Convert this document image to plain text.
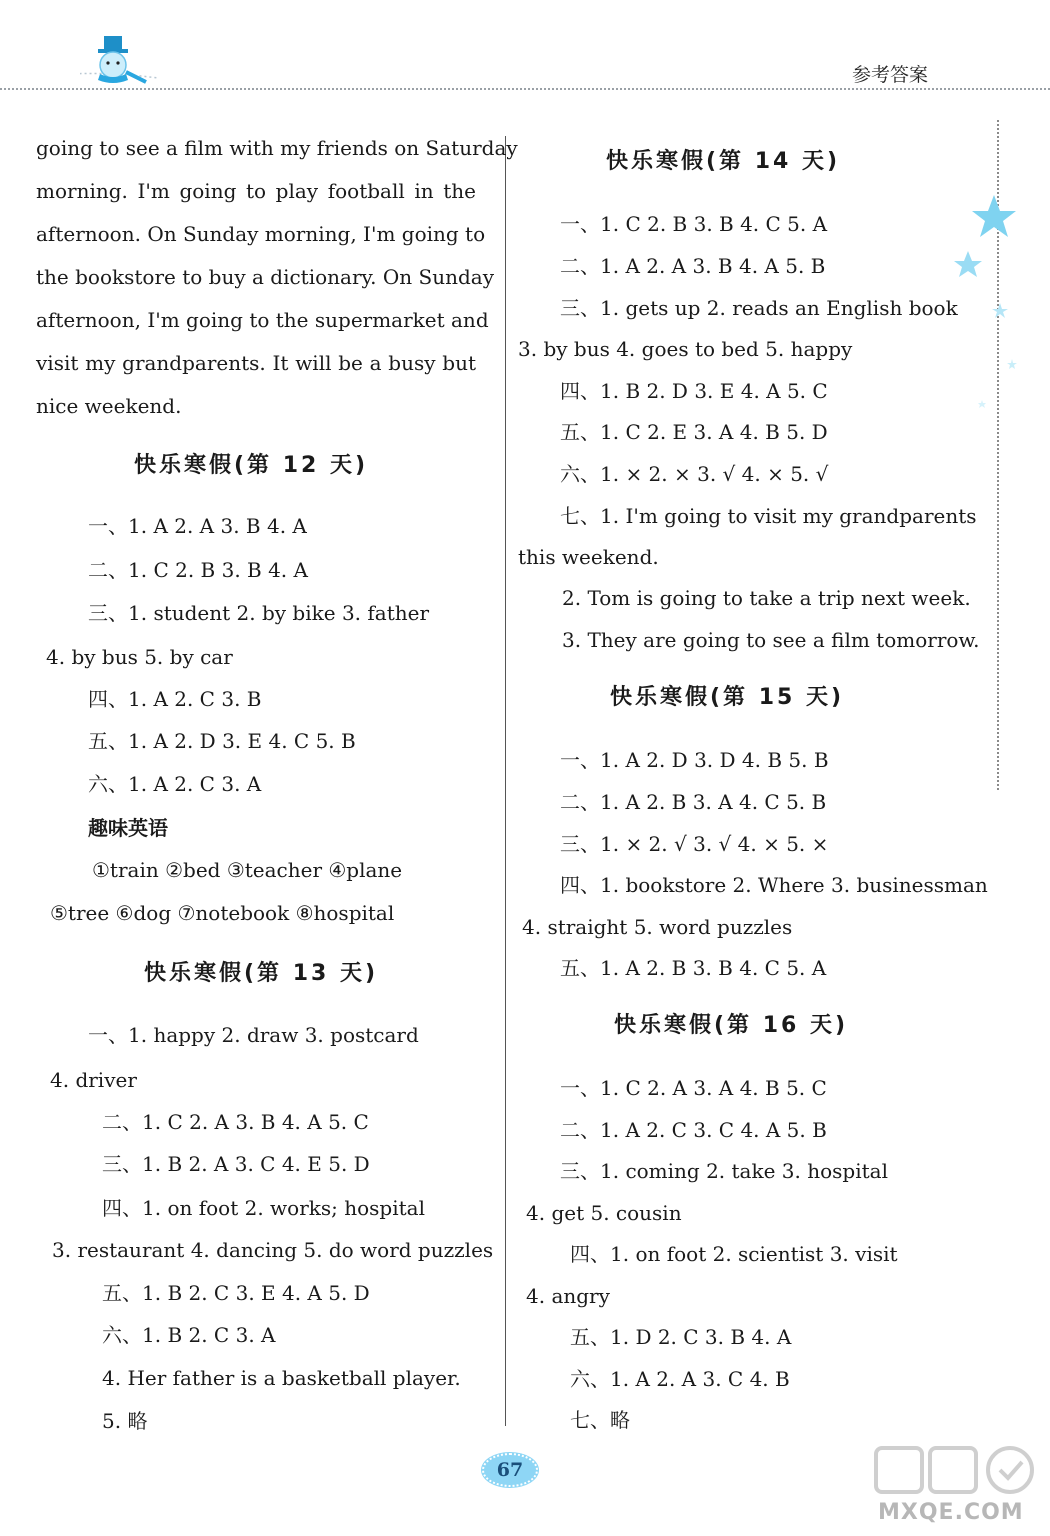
参考答案
going to see a film with my friends on Saturday
morning. I'm going to play football in the
afternoon. On Sunday morning, I'm going to
the bookstore to buy a dictionary. On Sunday
afternoon, I'm going to the supermarket and
visit my grandparents. It will be a busy but
nice weekend.
快乐寒假(第 12 天)
一、1. A 2. A 3. B 4. A
二、1. C 2. B 3. B 4. A
三、1. student 2. by bike 3. father
4. by bus 5. by car
四、1. A 2. C 3. B
五、1. A 2. D 3. E 4. C 5. B
六、1. A 2. C 3. A
趣味英语
①train ②bed ③teacher ④plane
⑤tree ⑥dog ⑦notebook ⑧hospital
快乐寒假(第 13 天)
一、1. happy 2. draw 3. postcard
4. driver
二、1. C 2. A 3. B 4. A 5. C
三、1. B 2. A 3. C 4. E 5. D
四、1. on foot 2. works; hospital
3. restaurant 4. dancing 5. do word puzzles
五、1. B 2. C 3. E 4. A 5. D
六、1. B 2. C 3. A
4. Her father is a basketball player.
5. 略
快乐寒假(第 14 天)
一、1. C 2. B 3. B 4. C 5. A
二、1. A 2. A 3. B 4. A 5. B
三、1. gets up 2. reads an English book
3. by bus 4. goes to bed 5. happy
四、1. B 2. D 3. E 4. A 5. C
五、1. C 2. E 3. A 4. B 5. D
六、1. × 2. × 3. √ 4. × 5. √
七、1. I'm going to visit my grandparents
this weekend.
2. Tom is going to take a trip next week.
3. They are going to see a film tomorrow.
快乐寒假(第 15 天)
一、1. A 2. D 3. D 4. B 5. B
二、1. A 2. B 3. A 4. C 5. B
三、1. × 2. √ 3. √ 4. × 5. ×
四、1. bookstore 2. Where 3. businessman
4. straight 5. word puzzles
五、1. A 2. B 3. B 4. C 5. A
快乐寒假(第 16 天)
一、1. C 2. A 3. A 4. B 5. C
二、1. A 2. C 3. C 4. A 5. B
三、1. coming 2. take 3. hospital
4. get 5. cousin
四、1. on foot 2. scientist 3. visit
4. angry
五、1. D 2. C 3. B 4. A
六、1. A 2. A 3. C 4. B
七、略
67
MXQE.COM
